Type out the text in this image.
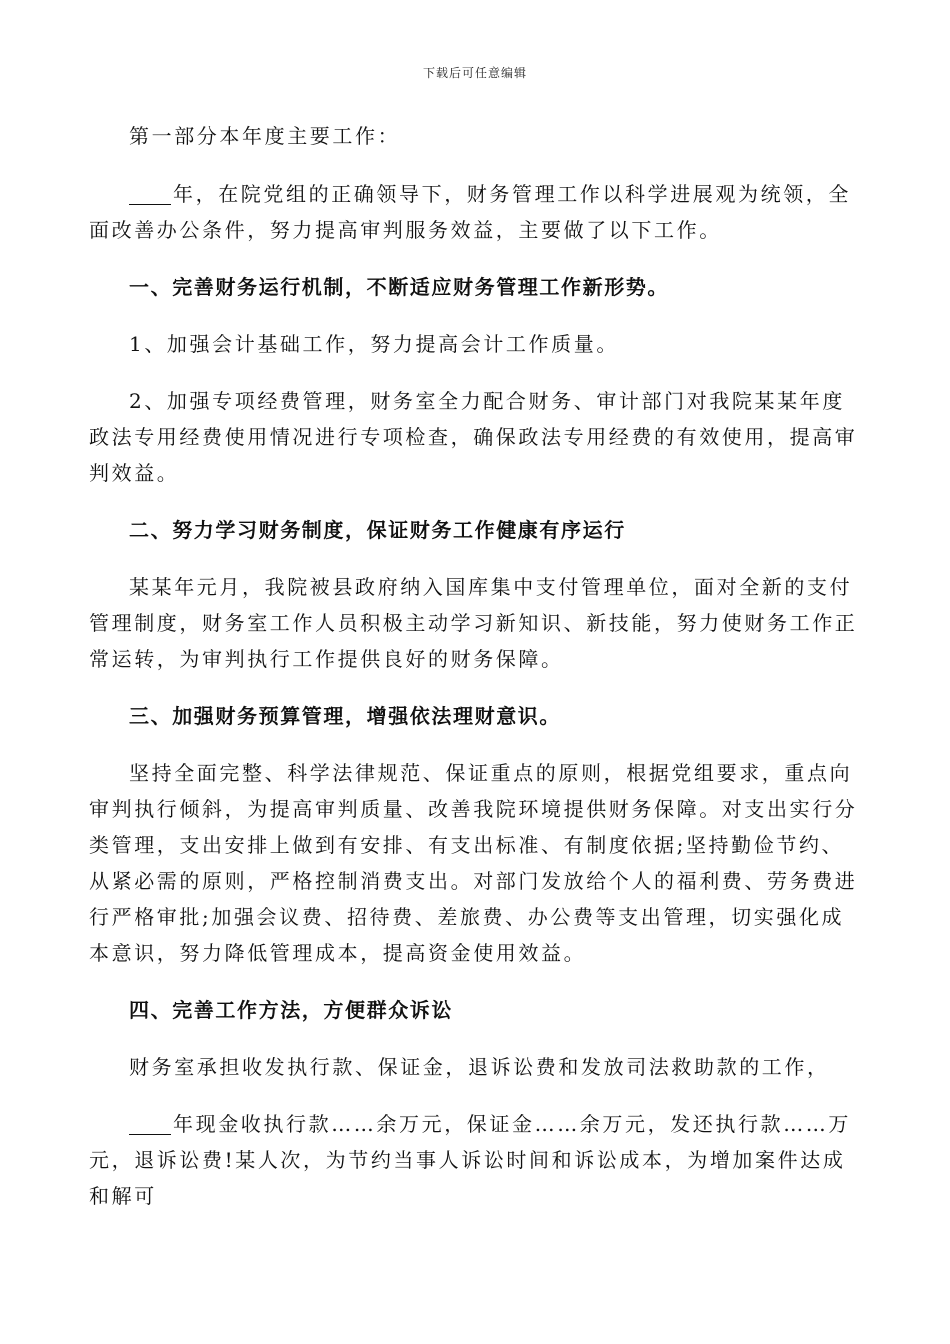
下载后可任意编辑

第一部分本年度主要工作：

年，在院党组的正确领导下，财务管理工作以科学进展观为统领，全面改善办公条件，努力提高审判服务效益，主要做了以下工作。

一、完善财务运行机制，不断适应财务管理工作新形势。

1、加强会计基础工作，努力提高会计工作质量。

2、加强专项经费管理，财务室全力配合财务、审计部门对我院某某年度政法专用经费使用情况进行专项检查，确保政法专用经费的有效使用，提高审判效益。

二、努力学习财务制度，保证财务工作健康有序运行

某某年元月，我院被县政府纳入国库集中支付管理单位，面对全新的支付管理制度，财务室工作人员积极主动学习新知识、新技能，努力使财务工作正常运转，为审判执行工作提供良好的财务保障。

三、加强财务预算管理，增强依法理财意识。

坚持全面完整、科学法律规范、保证重点的原则，根据党组要求，重点向审判执行倾斜，为提高审判质量、改善我院环境提供财务保障。对支出实行分类管理，支出安排上做到有安排、有支出标准、有制度依据;坚持勤俭节约、从紧必需的原则，严格控制消费支出。对部门发放给个人的福利费、劳务费进行严格审批;加强会议费、招待费、差旅费、办公费等支出管理，切实强化成本意识，努力降低管理成本，提高资金使用效益。

四、完善工作方法，方便群众诉讼

财务室承担收发执行款、保证金，退诉讼费和发放司法救助款的工作，

年现金收执行款……余万元，保证金……余万元，发还执行款……万元，退诉讼费!某人次，为节约当事人诉讼时间和诉讼成本，为增加案件达成和解可
